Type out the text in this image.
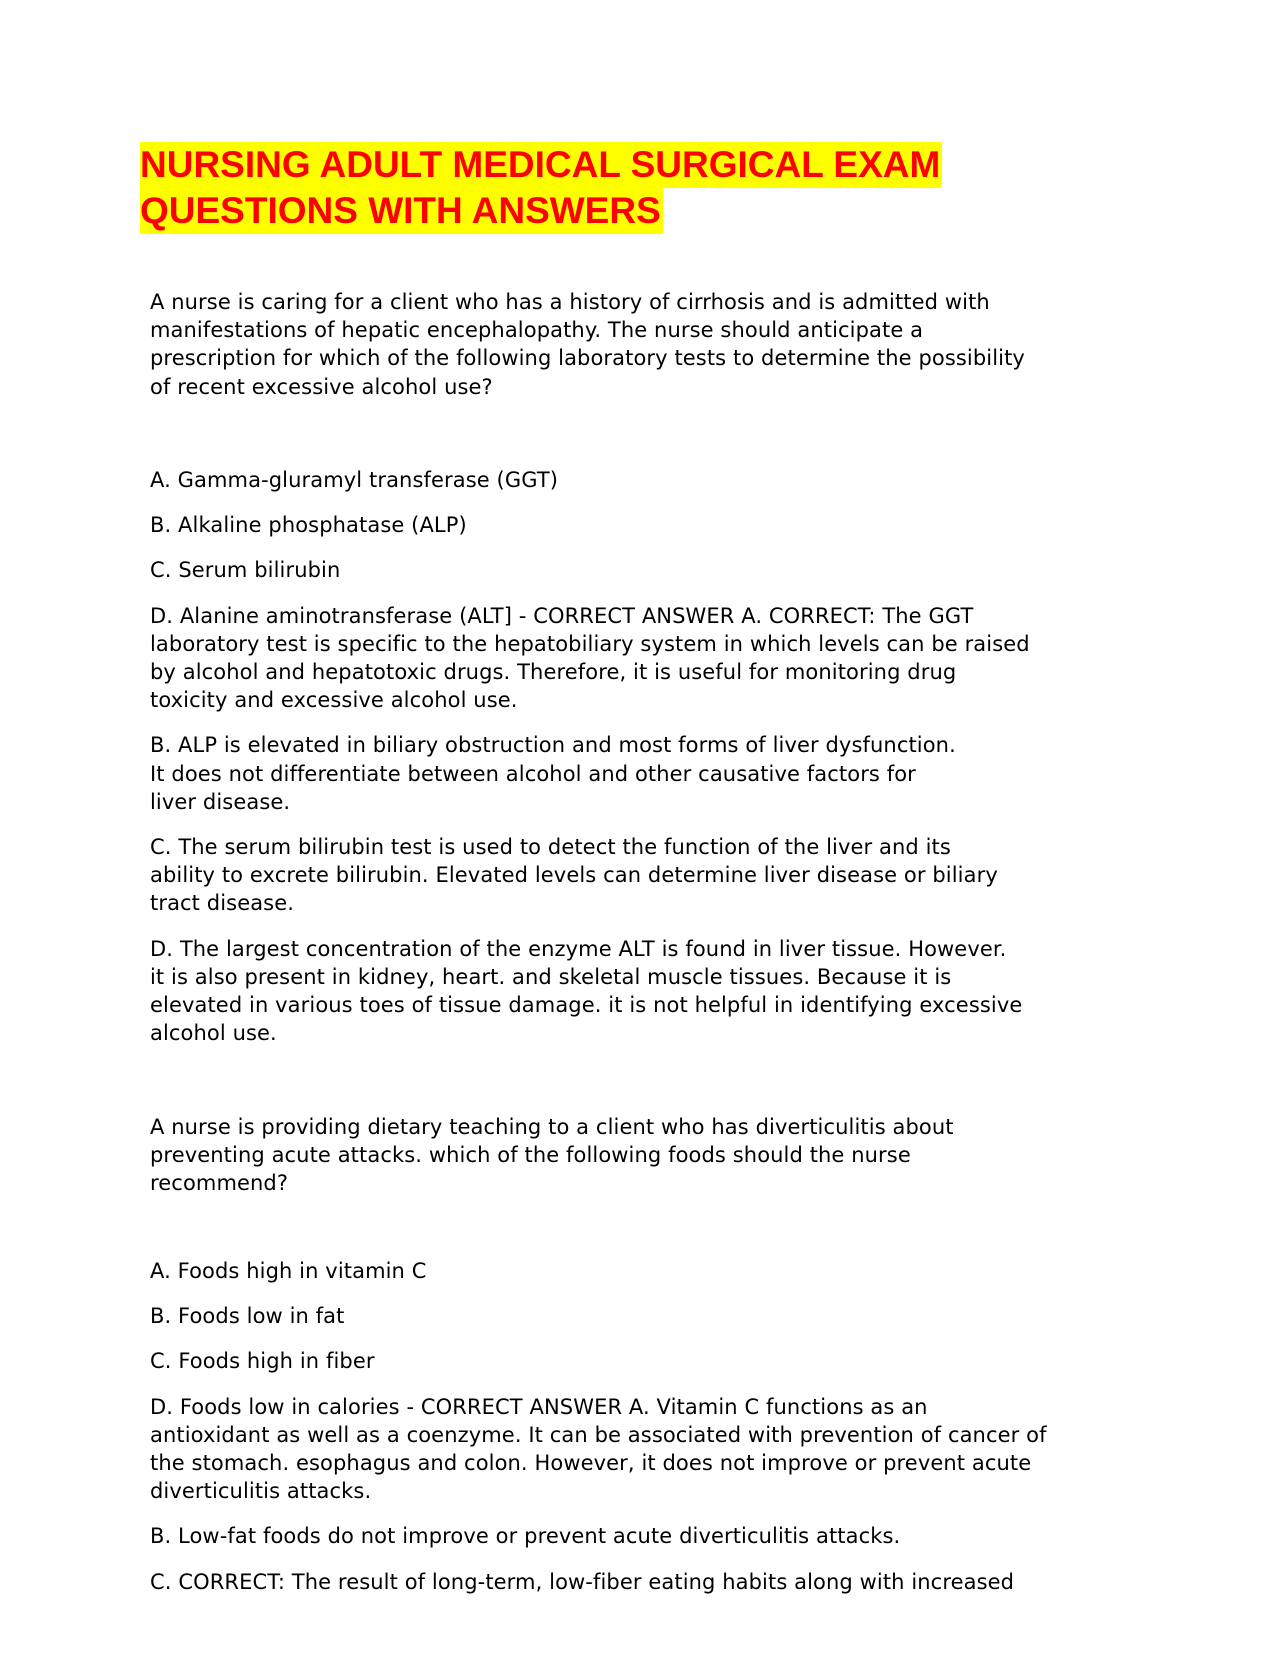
NURSING ADULT MEDICAL SURGICAL EXAM
QUESTIONS WITH ANSWERS

A nurse is caring for a client who has a history of cirrhosis and is admitted with

manifestations of hepatic encephalopathy. The nurse should anticipate a

prescription for which of the following laboratory tests to determine the possibility

of recent excessive alcohol use?

A. Gamma-gluramyl transferase (GGT)

B. Alkaline phosphatase (ALP)

C. Serum bilirubin

D. Alanine aminotransferase (ALT] - CORRECT ANSWER A. CORRECT: The GGT
laboratory test is specific to the hepatobiliary system in which levels can be raised
by alcohol and hepatotoxic drugs. Therefore, it is useful for monitoring drug
toxicity and excessive alcohol use.

B. ALP is elevated in biliary obstruction and most forms of liver dysfunction.
It does not differentiate between alcohol and other causative factors for
liver disease.

C. The serum bilirubin test is used to detect the function of the liver and its
ability to excrete bilirubin. Elevated levels can determine liver disease or biliary
tract disease.

D. The largest concentration of the enzyme ALT is found in liver tissue. However.
it is also present in kidney, heart. and skeletal muscle tissues. Because it is
elevated in various toes of tissue damage. it is not helpful in identifying excessive
alcohol use.

A nurse is providing dietary teaching to a client who has diverticulitis about

preventing acute attacks. which of the following foods should the nurse

recommend?

A. Foods high in vitamin C

B. Foods low in fat

C. Foods high in fiber

D. Foods low in calories - CORRECT ANSWER A. Vitamin C functions as an
antioxidant as well as a coenzyme. It can be associated with prevention of cancer of
the stomach. esophagus and colon. However, it does not improve or prevent acute
diverticulitis attacks.

B. Low-fat foods do not improve or prevent acute diverticulitis attacks.

C. CORRECT: The result of long-term, low-fiber eating habits along with increased
